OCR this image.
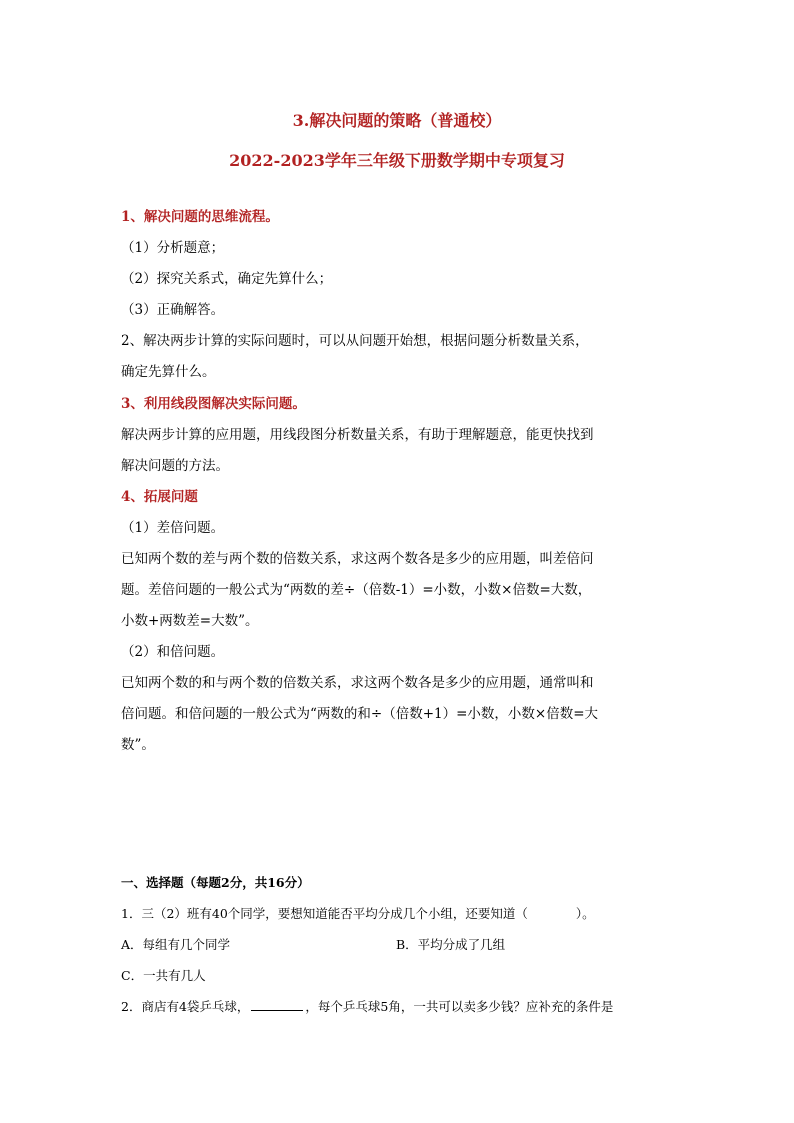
3.解决问题的策略（普通校）
2022-2023学年三年级下册数学期中专项复习

1、解决问题的思维流程。

（1）分析题意；

（2）探究关系式，确定先算什么；

（3）正确解答。

2、解决两步计算的实际问题时，可以从问题开始想，根据问题分析数量关系，

确定先算什么。

3、利用线段图解决实际问题。

解决两步计算的应用题，用线段图分析数量关系，有助于理解题意，能更快找到

解决问题的方法。

4、拓展问题

（1）差倍问题。

已知两个数的差与两个数的倍数关系，求这两个数各是多少的应用题，叫差倍问

题。差倍问题的一般公式为“两数的差÷（倍数-1）=小数，小数×倍数=大数，

小数+两数差=大数”。

（2）和倍问题。

已知两个数的和与两个数的倍数关系，求这两个数各是多少的应用题，通常叫和

倍问题。和倍问题的一般公式为“两数的和÷（倍数+1）=小数，小数×倍数=大

数”。

一、选择题（每题2分，共16分）

1．三（2）班有40个同学，要想知道能否平均分成几个小组，还要知道（	）。

A．每组有几个同学	B．平均分成了几组

C．一共有几人

2．商店有4袋乒乓球，	，每个乒乓球5角，一共可以卖多少钱？应补充的条件是
